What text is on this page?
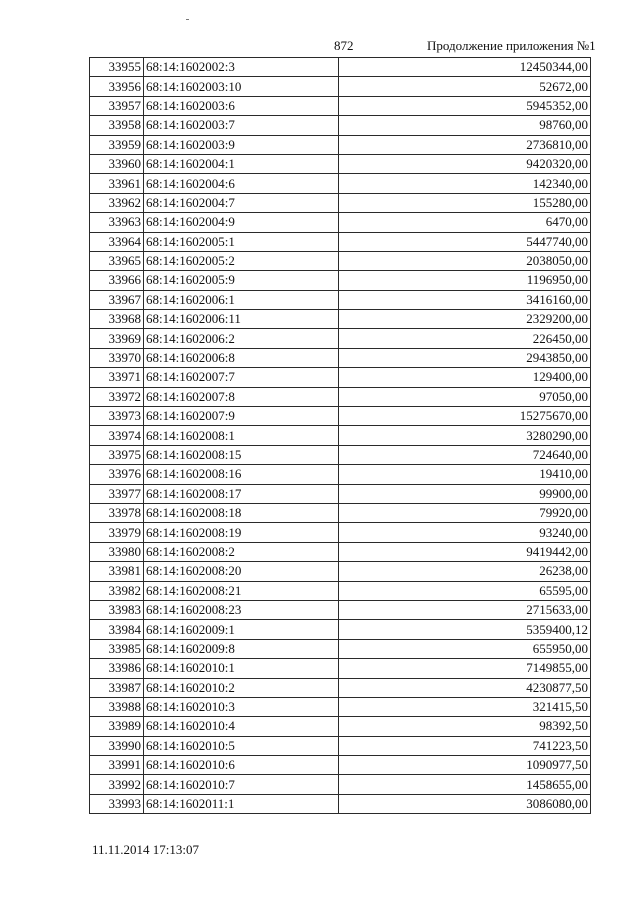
872	Продолжение приложения №1
33955	68:14:1602002:3	12450344,00
33956	68:14:1602003:10	52672,00
33957	68:14:1602003:6	5945352,00
33958	68:14:1602003:7	98760,00
33959	68:14:1602003:9	2736810,00
33960	68:14:1602004:1	9420320,00
33961	68:14:1602004:6	142340,00
33962	68:14:1602004:7	155280,00
33963	68:14:1602004:9	6470,00
33964	68:14:1602005:1	5447740,00
33965	68:14:1602005:2	2038050,00
33966	68:14:1602005:9	1196950,00
33967	68:14:1602006:1	3416160,00
33968	68:14:1602006:11	2329200,00
33969	68:14:1602006:2	226450,00
33970	68:14:1602006:8	2943850,00
33971	68:14:1602007:7	129400,00
33972	68:14:1602007:8	97050,00
33973	68:14:1602007:9	15275670,00
33974	68:14:1602008:1	3280290,00
33975	68:14:1602008:15	724640,00
33976	68:14:1602008:16	19410,00
33977	68:14:1602008:17	99900,00
33978	68:14:1602008:18	79920,00
33979	68:14:1602008:19	93240,00
33980	68:14:1602008:2	9419442,00
33981	68:14:1602008:20	26238,00
33982	68:14:1602008:21	65595,00
33983	68:14:1602008:23	2715633,00
33984	68:14:1602009:1	5359400,12
33985	68:14:1602009:8	655950,00
33986	68:14:1602010:1	7149855,00
33987	68:14:1602010:2	4230877,50
33988	68:14:1602010:3	321415,50
33989	68:14:1602010:4	98392,50
33990	68:14:1602010:5	741223,50
33991	68:14:1602010:6	1090977,50
33992	68:14:1602010:7	1458655,00
33993	68:14:1602011:1	3086080,00
11.11.2014 17:13:07
